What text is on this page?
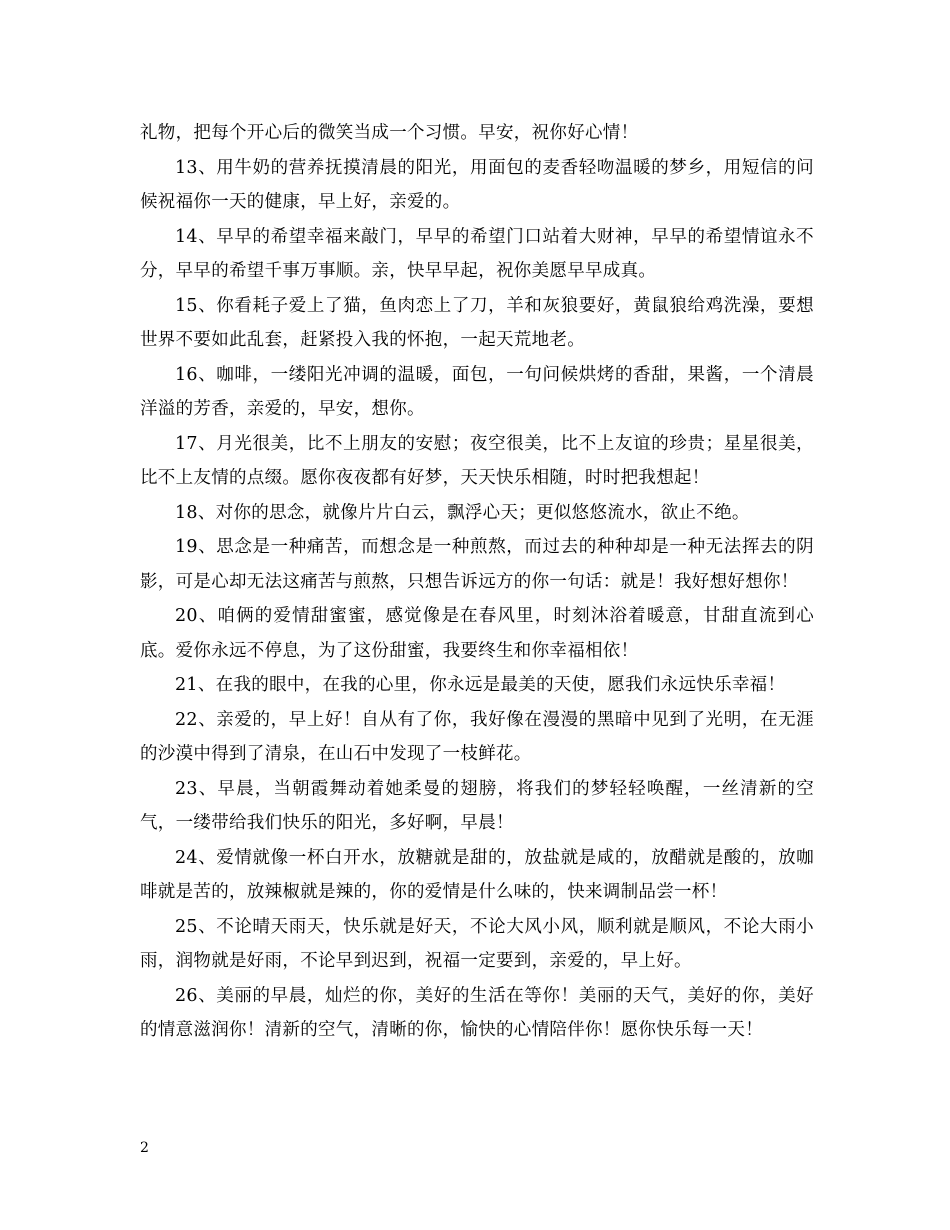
礼物，把每个开心后的微笑当成一个习惯。早安，祝你好心情！

13、用牛奶的营养抚摸清晨的阳光，用面包的麦香轻吻温暖的梦乡，用短信的问候祝福你一天的健康，早上好，亲爱的。

14、早早的希望幸福来敲门，早早的希望门口站着大财神，早早的希望情谊永不分，早早的希望千事万事顺。亲，快早早起，祝你美愿早早成真。

15、你看耗子爱上了猫，鱼肉恋上了刀，羊和灰狼要好，黄鼠狼给鸡洗澡，要想世界不要如此乱套，赶紧投入我的怀抱，一起天荒地老。

16、咖啡，一缕阳光冲调的温暖，面包，一句问候烘烤的香甜，果酱，一个清晨洋溢的芳香，亲爱的，早安，想你。

17、月光很美，比不上朋友的安慰；夜空很美，比不上友谊的珍贵；星星很美，比不上友情的点缀。愿你夜夜都有好梦，天天快乐相随，时时把我想起！

18、对你的思念，就像片片白云，飘浮心天；更似悠悠流水，欲止不绝。

19、思念是一种痛苦，而想念是一种煎熬，而过去的种种却是一种无法挥去的阴影，可是心却无法这痛苦与煎熬，只想告诉远方的你一句话：就是！我好想好想你！

20、咱俩的爱情甜蜜蜜，感觉像是在春风里，时刻沐浴着暖意，甘甜直流到心底。爱你永远不停息，为了这份甜蜜，我要终生和你幸福相依！

21、在我的眼中，在我的心里，你永远是最美的天使，愿我们永远快乐幸福！

22、亲爱的，早上好！自从有了你，我好像在漫漫的黑暗中见到了光明，在无涯的沙漠中得到了清泉，在山石中发现了一枝鲜花。

23、早晨，当朝霞舞动着她柔曼的翅膀，将我们的梦轻轻唤醒，一丝清新的空气，一缕带给我们快乐的阳光，多好啊，早晨！

24、爱情就像一杯白开水，放糖就是甜的，放盐就是咸的，放醋就是酸的，放咖啡就是苦的，放辣椒就是辣的，你的爱情是什么味的，快来调制品尝一杯！

25、不论晴天雨天，快乐就是好天，不论大风小风，顺利就是顺风，不论大雨小雨，润物就是好雨，不论早到迟到，祝福一定要到，亲爱的，早上好。

26、美丽的早晨，灿烂的你，美好的生活在等你！美丽的天气，美好的你，美好的情意滋润你！清新的空气，清晰的你，愉快的心情陪伴你！愿你快乐每一天！

2
